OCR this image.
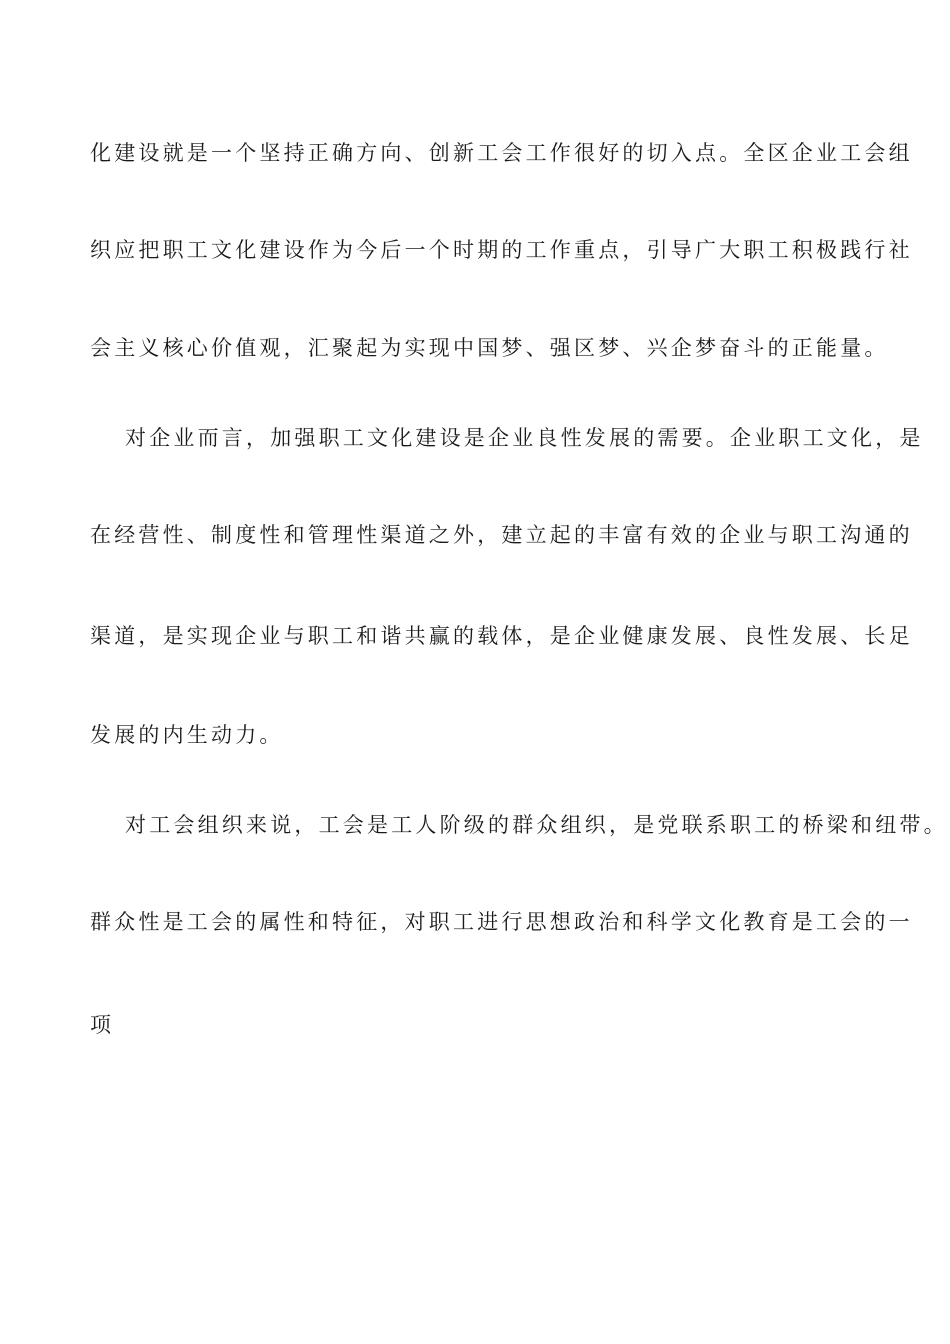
化建设就是一个坚持正确方向、创新工会工作很好的切入点。全区企业工会组
织应把职工文化建设作为今后一个时期的工作重点，引导广大职工积极践行社
会主义核心价值观，汇聚起为实现中国梦、强区梦、兴企梦奋斗的正能量。
对企业而言，加强职工文化建设是企业良性发展的需要。企业职工文化，是
在经营性、制度性和管理性渠道之外，建立起的丰富有效的企业与职工沟通的
渠道，是实现企业与职工和谐共赢的载体，是企业健康发展、良性发展、长足
发展的内生动力。
对工会组织来说，工会是工人阶级的群众组织，是党联系职工的桥梁和纽带。
群众性是工会的属性和特征，对职工进行思想政治和科学文化教育是工会的一
项
